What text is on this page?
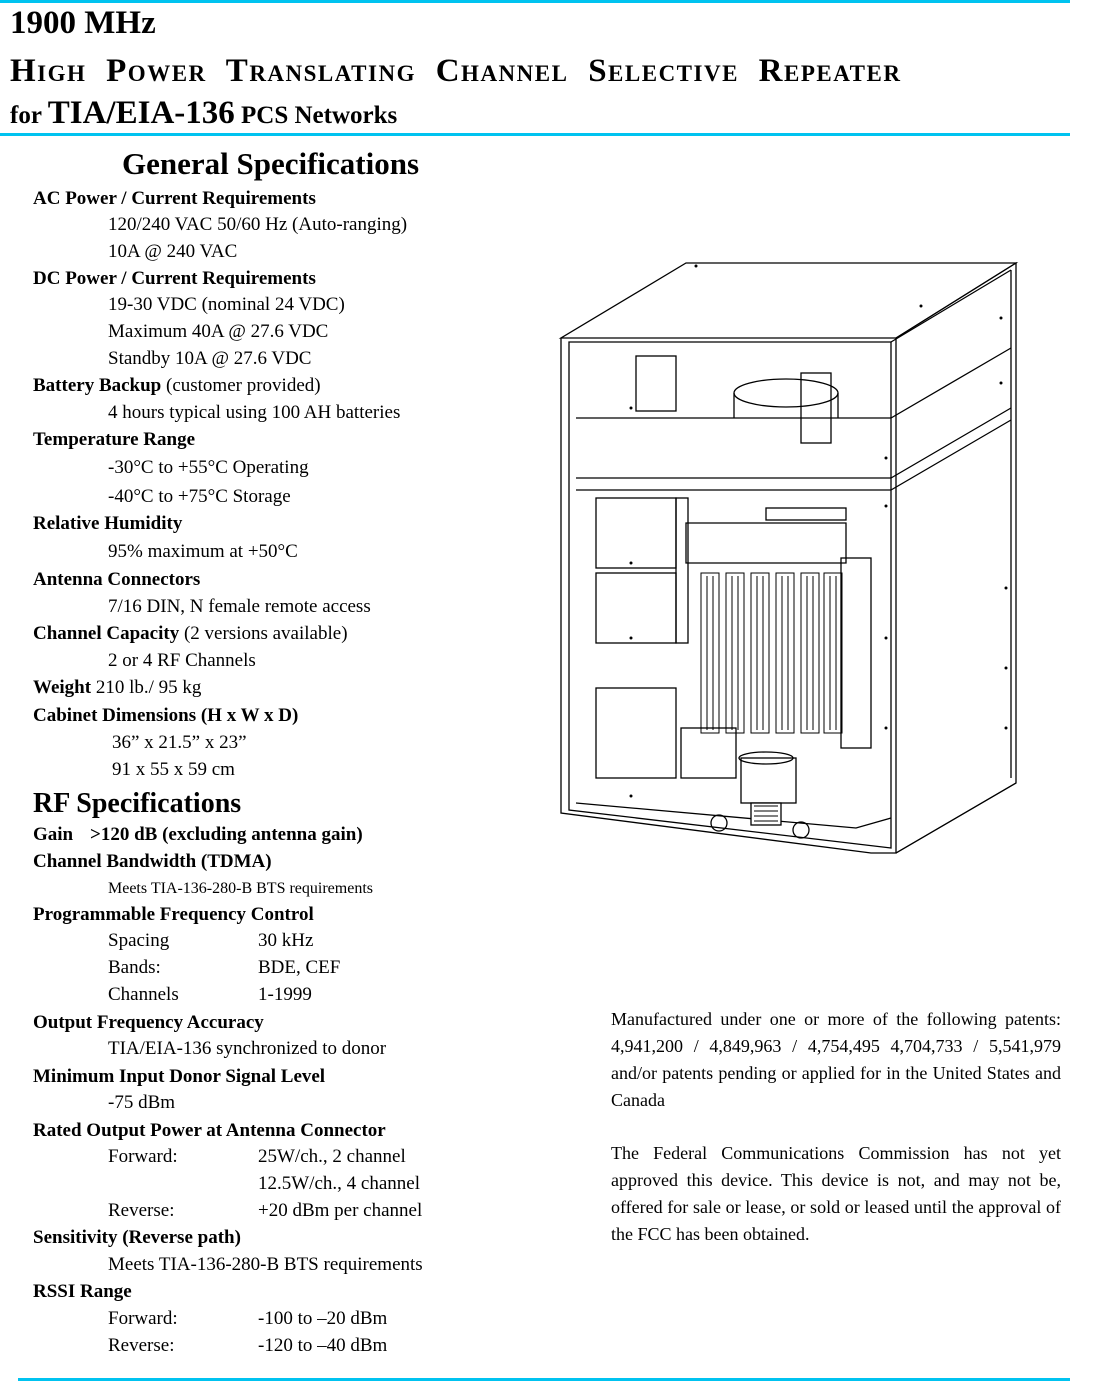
1900 MHz
High Power Translating Channel Selective Repeater
for TIA/EIA-136 PCS Networks
General Specifications
AC Power / Current Requirements
120/240 VAC 50/60 Hz (Auto-ranging)
10A @ 240 VAC
DC Power / Current Requirements
19-30 VDC (nominal 24 VDC)
Maximum 40A @ 27.6 VDC
Standby 10A @ 27.6 VDC
Battery Backup (customer provided)
4 hours typical using 100 AH batteries
Temperature Range
-30°C to +55°C Operating
-40°C to +75°C Storage
Relative Humidity
95% maximum at +50°C
Antenna Connectors
7/16 DIN, N female remote access
Channel Capacity (2 versions available)
2 or 4 RF Channels
Weight 210 lb./ 95 kg
Cabinet Dimensions (H x W x D)
36” x 21.5” x 23”
91 x 55 x 59 cm
RF Specifications
Gain >120 dB (excluding antenna gain)
Channel Bandwidth (TDMA)
Meets TIA-136-280-B BTS requirements
Programmable Frequency Control
Spacing	30 kHz
Bands:	BDE, CEF
Channels	1-1999
Output Frequency Accuracy
TIA/EIA-136 synchronized to donor
Minimum Input Donor Signal Level
-75 dBm
Rated Output Power at Antenna Connector
Forward:	25W/ch., 2 channel
12.5W/ch., 4 channel
Reverse:	+20 dBm per channel
Sensitivity (Reverse path)
Meets TIA-136-280-B BTS requirements
RSSI Range
Forward:	-100 to –20 dBm
Reverse:	-120 to –40 dBm

Manufactured under one or more of the following patents: 4,941,200 / 4,849,963 / 4,754,495 4,704,733 / 5,541,979 and/or patents pending or applied for in the United States and Canada

The Federal Communications Commission has not yet approved this device. This device is not, and may not be, offered for sale or lease, or sold or leased until the approval of the FCC has been obtained.
